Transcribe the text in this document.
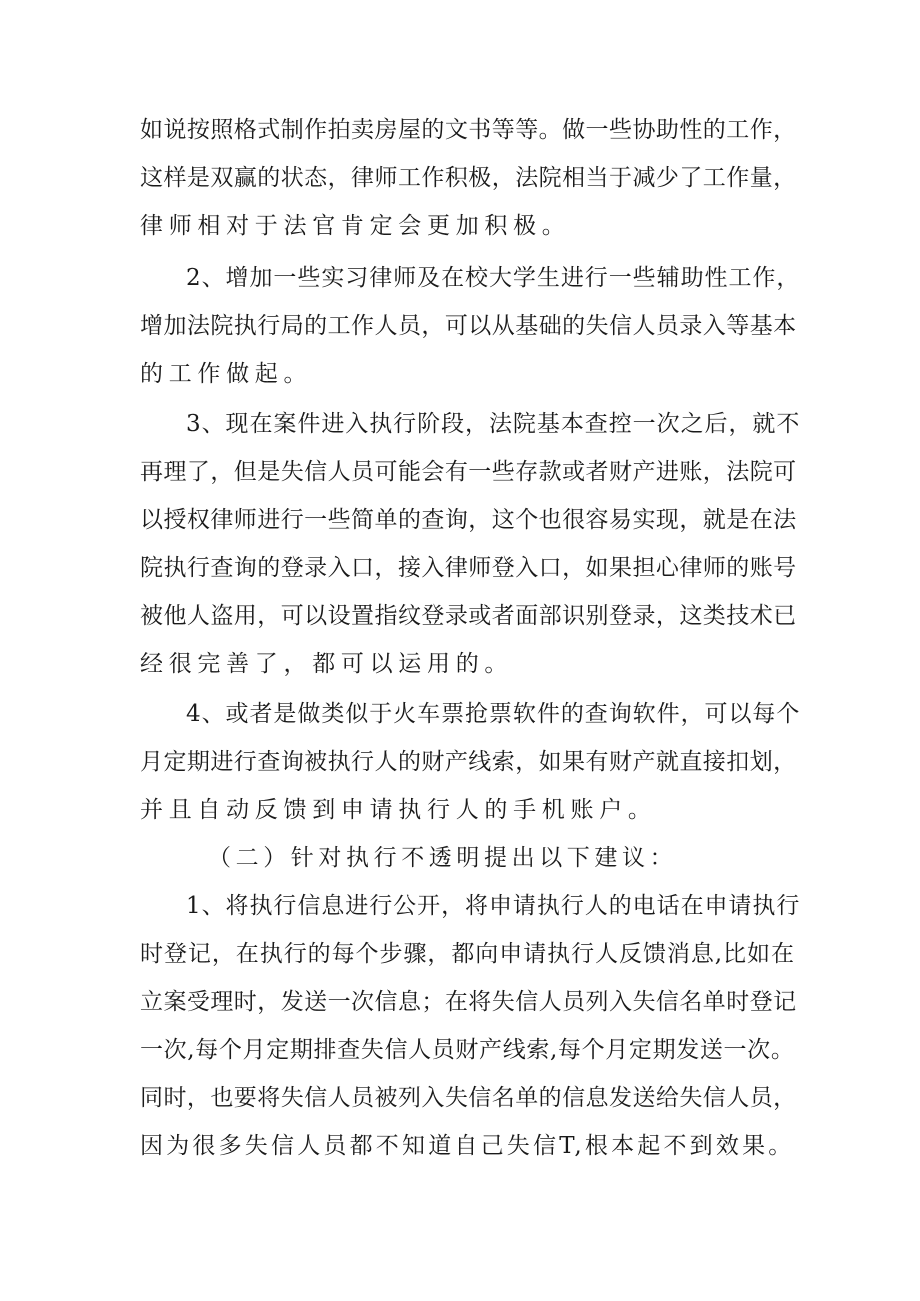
如说按照格式制作拍卖房屋的文书等等。做一些协助性的工作，
这样是双赢的状态，律师工作积极，法院相当于减少了工作量，
律师相对于法官肯定会更加积极。
2、增加一些实习律师及在校大学生进行一些辅助性工作，
增加法院执行局的工作人员，可以从基础的失信人员录入等基本
的工作做起。
3、现在案件进入执行阶段，法院基本查控一次之后，就不
再理了，但是失信人员可能会有一些存款或者财产进账，法院可
以授权律师进行一些简单的查询，这个也很容易实现，就是在法
院执行查询的登录入口，接入律师登入口，如果担心律师的账号
被他人盗用，可以设置指纹登录或者面部识别登录，这类技术已
经很完善了，都可以运用的。
4、或者是做类似于火车票抢票软件的查询软件，可以每个
月定期进行查询被执行人的财产线索，如果有财产就直接扣划，
并且自动反馈到申请执行人的手机账户。
（二）针对执行不透明提出以下建议：
1、将执行信息进行公开，将申请执行人的电话在申请执行
时登记，在执行的每个步骤，都向申请执行人反馈消息,比如在
立案受理时，发送一次信息；在将失信人员列入失信名单时登记
一次,每个月定期排查失信人员财产线索,每个月定期发送一次。
同时，也要将失信人员被列入失信名单的信息发送给失信人员，
因为很多失信人员都不知道自己失信T,根本起不到效果。
